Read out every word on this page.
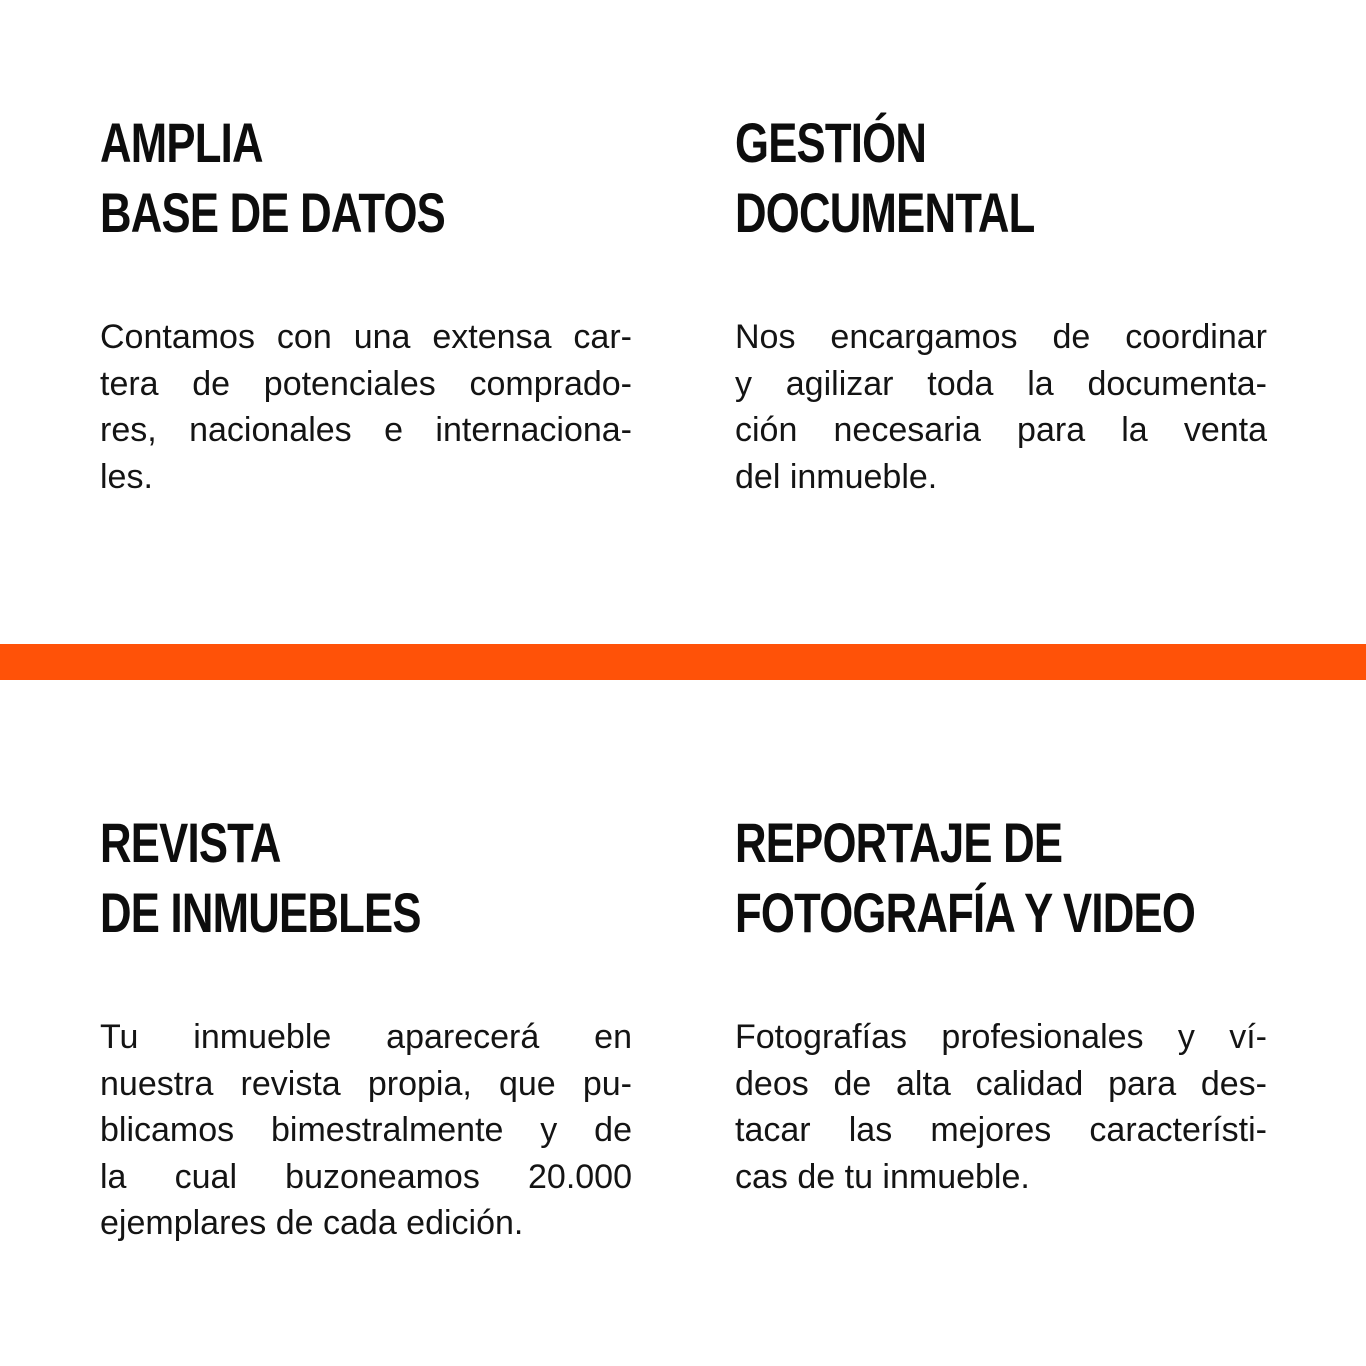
AMPLIA
BASE DE DATOS

Contamos con una extensa car-
tera de potenciales comprado-
res, nacionales e internaciona-
les.

GESTIÓN
DOCUMENTAL

Nos encargamos de coordinar
y agilizar toda la documenta-
ción necesaria para la venta
del inmueble.

REVISTA
DE INMUEBLES

Tu inmueble aparecerá en
nuestra revista propia, que pu-
blicamos bimestralmente y de
la cual buzoneamos 20.000
ejemplares de cada edición.

REPORTAJE DE
FOTOGRAFÍA Y VIDEO

Fotografías profesionales y ví-
deos de alta calidad para des-
tacar las mejores característi-
cas de tu inmueble.
